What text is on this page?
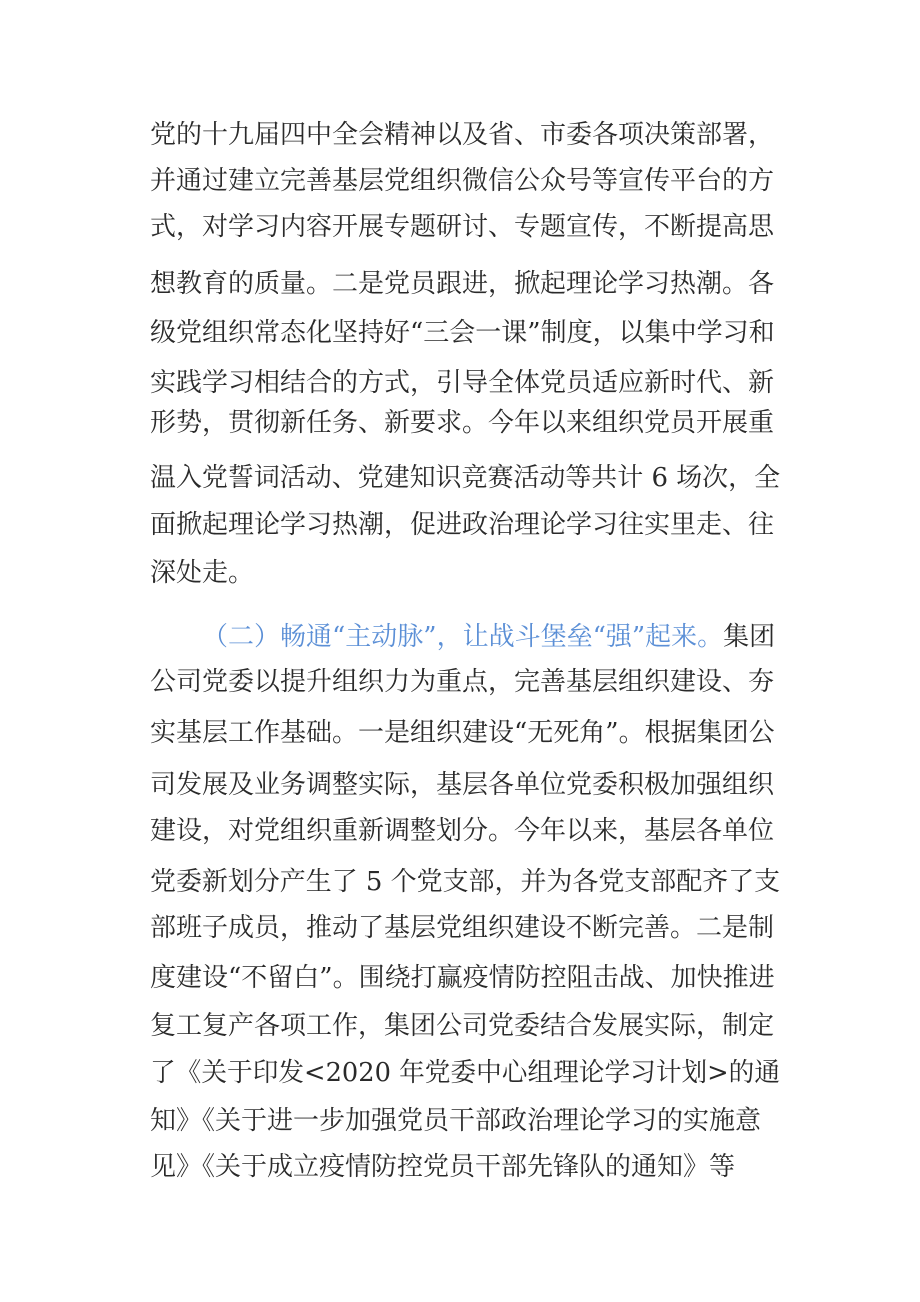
党的十九届四中全会精神以及省、市委各项决策部署，
并通过建立完善基层党组织微信公众号等宣传平台的方
式，对学习内容开展专题研讨、专题宣传，不断提高思
想教育的质量。二是党员跟进，掀起理论学习热潮。各
级党组织常态化坚持好“三会一课”制度，以集中学习和
实践学习相结合的方式，引导全体党员适应新时代、新
形势，贯彻新任务、新要求。今年以来组织党员开展重
温入党誓词活动、党建知识竞赛活动等共计 6 场次，全
面掀起理论学习热潮，促进政治理论学习往实里走、往
深处走。
（二）畅通“主动脉”，让战斗堡垒“强”起来。集团
公司党委以提升组织力为重点，完善基层组织建设、夯
实基层工作基础。一是组织建设“无死角”。根据集团公
司发展及业务调整实际，基层各单位党委积极加强组织
建设，对党组织重新调整划分。今年以来，基层各单位
党委新划分产生了 5 个党支部，并为各党支部配齐了支
部班子成员，推动了基层党组织建设不断完善。二是制
度建设“不留白”。围绕打赢疫情防控阻击战、加快推进
复工复产各项工作，集团公司党委结合发展实际，制定
了《关于印发<2020 年党委中心组理论学习计划>的通
知》《关于进一步加强党员干部政治理论学习的实施意
见》《关于成立疫情防控党员干部先锋队的通知》等
